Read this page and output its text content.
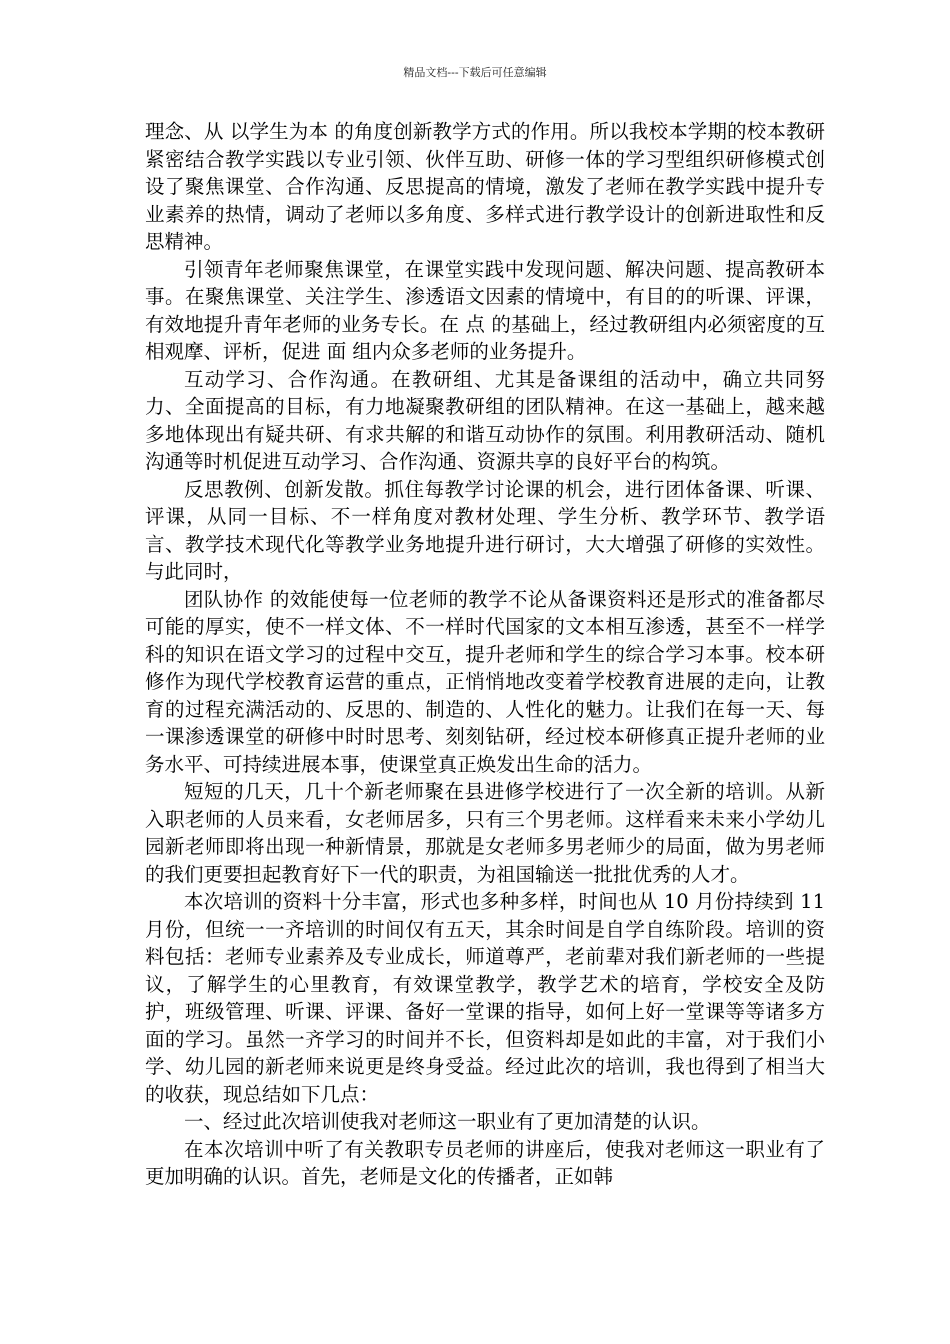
精品文档---下载后可任意编辑

理念、从 以学生为本 的角度创新教学方式的作用。所以我校本学期的校本教研紧密结合教学实践以专业引领、伙伴互助、研修一体的学习型组织研修模式创设了聚焦课堂、合作沟通、反思提高的情境，激发了老师在教学实践中提升专业素养的热情，调动了老师以多角度、多样式进行教学设计的创新进取性和反思精神。

引领青年老师聚焦课堂，在课堂实践中发现问题、解决问题、提高教研本事。在聚焦课堂、关注学生、渗透语文因素的情境中，有目的的听课、评课，有效地提升青年老师的业务专长。在 点 的基础上，经过教研组内必须密度的互相观摩、评析，促进 面 组内众多老师的业务提升。

互动学习、合作沟通。在教研组、尤其是备课组的活动中，确立共同努力、全面提高的目标，有力地凝聚教研组的团队精神。在这一基础上，越来越多地体现出有疑共研、有求共解的和谐互动协作的氛围。利用教研活动、随机沟通等时机促进互动学习、合作沟通、资源共享的良好平台的构筑。

反思教例、创新发散。抓住每教学讨论课的机会，进行团体备课、听课、评课，从同一目标、不一样角度对教材处理、学生分析、教学环节、教学语言、教学技术现代化等教学业务地提升进行研讨，大大增强了研修的实效性。与此同时，

团队协作 的效能使每一位老师的教学不论从备课资料还是形式的准备都尽可能的厚实，使不一样文体、不一样时代国家的文本相互渗透，甚至不一样学科的知识在语文学习的过程中交互，提升老师和学生的综合学习本事。校本研修作为现代学校教育运营的重点，正悄悄地改变着学校教育进展的走向，让教育的过程充满活动的、反思的、制造的、人性化的魅力。让我们在每一天、每一课渗透课堂的研修中时时思考、刻刻钻研，经过校本研修真正提升老师的业务水平、可持续进展本事，使课堂真正焕发出生命的活力。

短短的几天，几十个新老师聚在县进修学校进行了一次全新的培训。从新入职老师的人员来看，女老师居多，只有三个男老师。这样看来未来小学幼儿园新老师即将出现一种新情景，那就是女老师多男老师少的局面，做为男老师的我们更要担起教育好下一代的职责，为祖国输送一批批优秀的人才。

本次培训的资料十分丰富，形式也多种多样，时间也从 10 月份持续到 11 月份，但统一一齐培训的时间仅有五天，其余时间是自学自练阶段。培训的资料包括：老师专业素养及专业成长，师道尊严，老前辈对我们新老师的一些提议，了解学生的心里教育，有效课堂教学，教学艺术的培育，学校安全及防护，班级管理、听课、评课、备好一堂课的指导，如何上好一堂课等等诸多方面的学习。虽然一齐学习的时间并不长，但资料却是如此的丰富，对于我们小学、幼儿园的新老师来说更是终身受益。经过此次的培训，我也得到了相当大的收获，现总结如下几点：

一、经过此次培训使我对老师这一职业有了更加清楚的认识。

在本次培训中听了有关教职专员老师的讲座后，使我对老师这一职业有了更加明确的认识。首先，老师是文化的传播者，正如韩
